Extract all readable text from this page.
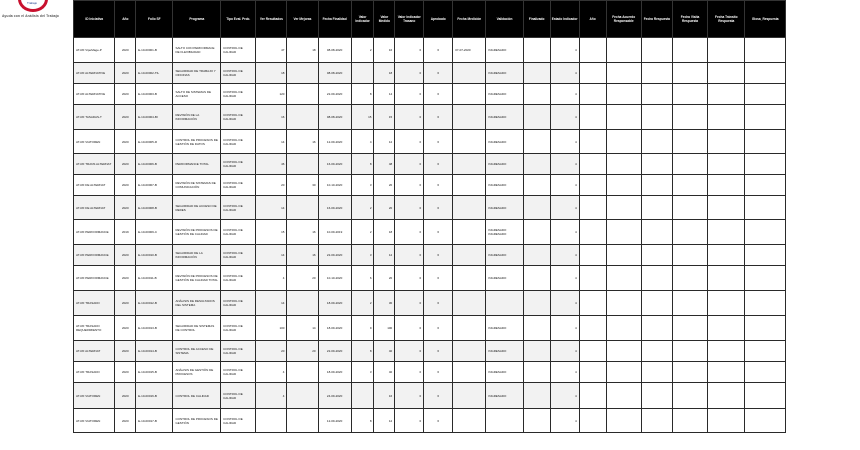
Trabajo
Ayuda con el Análisis del Trabajo
ID Iniciativa	Año	Folio SF	Programa	Tipo Eval. Prob.	Ver Resultados	Ver Mejoras	Fecha Finalidad	Valor Indicador	Valor Medido	Valor Indicador Trasano	Aprobado	Fecha Medición	Validación	Finalizado	Estado Indicador	Año	Fecha Acuerdo Responsable	Fecha Respuesta	Fecha Visita Respuesta	Fecha Tránsito Respuesta	Glosa_Respuesta
AT-RF VipeMage-P	2020	E-10-00001-B	SALTO CON PERFORMACE DE FLEXIBILIDAD	CONTROL DE CALIDAD	47	18	08-08-2020	2	16	0	6	07-07-2020	INGRESADO		4						
AT-RF ALTERNATIVE	2020	E-10-00002-TIL	SEGURIDAD DE TRABAJO Y OFICINAS	CONTROL DE CALIDAD	18		08-08-2020		18	0	6		INGRESADO		4						
AT-RF ALTERNATIVE	2020	E-10-00003-B	SALTO DE SISTEMAS DE ACCESO	CONTROL DE CALIDAD	120		22-09-2020	8	14	0	6		INGRESADO		4						
AT-RF TASADAS-T	2020	E-10-00004-BI	REVISIÓN DE LA INFORMACIÓN	CONTROL DE CALIDAD	16		08-08-2020	15	15	0	6		INGRESADO		4						
AT-RF VIATOREN	2020	E-10-00005-R	CONTROL DE PROCESOS DE GESTIÓN DE DATOS	CONTROL DE CALIDAD	14	16	12-09-2020	4	12	0	6		INGRESADO		4						
AT-RF TRANS ALTERNAT	2020	E-10-00006-B	PERFORMANCE TOTAL	CONTROL DE CALIDAD	46		16-09-2020	8	48	0	6		INGRESADO		4						
AT-RF DE ALTERNAT	2020	E-10-00007-B	REVISIÓN DE SISTEMAS DE COMUNICACIÓN	CONTROL DE CALIDAD	20	30	10-10-2020	3	20	0	6		INGRESADO		4						
AT-RF DE ALTERNAT	2020	E-10-00008-B	SEGURIDAD DE ACCESO DE REDES	CONTROL DE CALIDAD	14		16-09-2020	2	20	0	6		INGRESADO		4						
AT-RF PERFORMANCE	2019	E-10-00009-C	REVISIÓN DE PROCESOS DE GESTIÓN DE CALIDAD	CONTROL DE CALIDAD	15	16	10-09-2019	2	18	0	6		INGRESADO INGRESADO		4						
AT-RF PERFORMANCE	2020	E-10-00010-B	SEGURIDAD DE LA INFORMACIÓN	CONTROL DE CALIDAD	14	16	22-09-2020	3	12	0	6		INGRESADO		4						
AT-RF PERFORMANCE	2020	E-10-00011-B	REVISIÓN DE PROCESOS DE GESTIÓN DE CALIDAD TOTAL	CONTROL DE CALIDAD	4	20	10-10-2020	6	20	0	6		INGRESADO		4						
AT-RF TRASADO	2020	E-10-00012-B	ANÁLISIS DE RESULTADOS DEL SISTEMA	CONTROL DE CALIDAD	14		18-09-2020	2	30	0	6				4						
AT-RF TRASADO REQUERIMIENTO	2020	E-10-00013-B	SEGURIDAD DE SISTEMAS DE CONTROL	CONTROL DE CALIDAD	100	14	18-09-2020	9	100	0	6		INGRESADO		4						
AT-RF ALTERNAT	2020	E-10-00014-B	CONTROL DE ACCESO DE SISTEMA	CONTROL DE CALIDAD	20	20	22-09-2020	8	40	0	6		INGRESADO		4						
AT-RF TRASADO	2020	E-10-00015-B	ANÁLISIS DE GESTIÓN DE PROCESOS	CONTROL DE CALIDAD	4		18-09-2020	3	40	0	6		INGRESADO		4						
AT-RF VIATOREN	2020	E-10-00016-B	CONTROL DE CALIDAD	CONTROL DE CALIDAD	4		24-09-2020		16	0	6		INGRESADO		4						
AT-RF VIATOREN	2020	E-10-00017-B	CONTROL DE PROCESOS DE GESTIÓN	CONTROL DE CALIDAD			12-09-2020	8	12	0	6				4						
